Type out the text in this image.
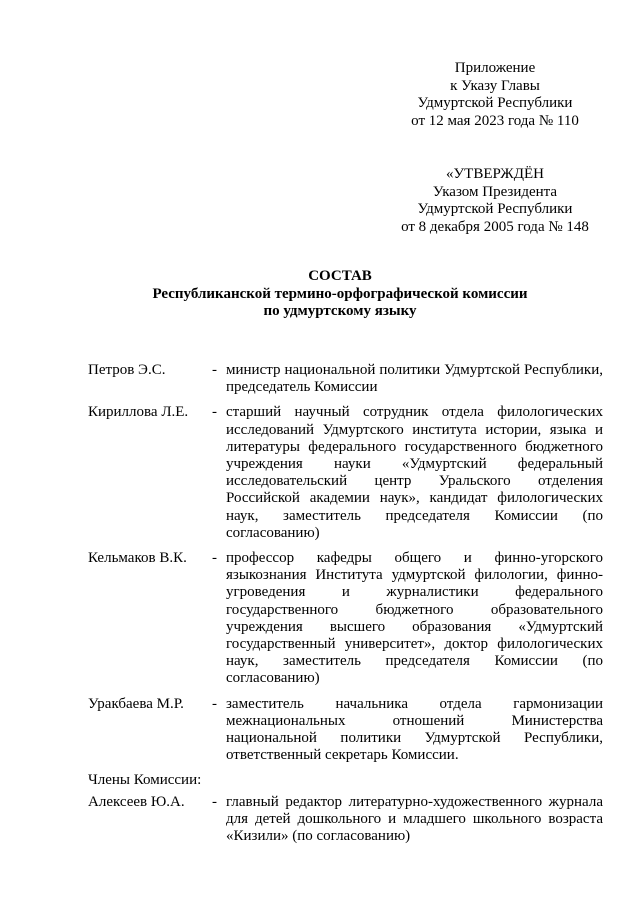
Приложение
к Указу Главы
Удмуртской Республики
от 12 мая 2023 года № 110
«УТВЕРЖДЁН
Указом Президента
Удмуртской Республики
от 8 декабря 2005 года № 148
СОСТАВ
Республиканской термино-орфографической комиссии
по удмуртскому языку
Петров Э.С.	- министр национальной политики Удмуртской Республики, председатель Комиссии
Кириллова Л.Е.	- старший научный сотрудник отдела филологических исследований Удмуртского института истории, языка и литературы федерального государственного бюджетного учреждения науки «Удмуртский федеральный исследовательский центр Уральского отделения Российской академии наук», кандидат филологических наук, заместитель председателя Комиссии (по согласованию)
Кельмаков В.К.	- профессор кафедры общего и финно-угорского языкознания Института удмуртской филологии, финно-угроведения и журналистики федерального государственного бюджетного образовательного учреждения высшего образования «Удмуртский государственный университет», доктор филологических наук, заместитель председателя Комиссии (по согласованию)
Уракбаева М.Р.	- заместитель начальника отдела гармонизации межнациональных отношений Министерства национальной политики Удмуртской Республики, ответственный секретарь Комиссии.
Члены Комиссии:
Алексеев Ю.А.	- главный редактор литературно-художественного журнала для детей дошкольного и младшего школьного возраста «Кизили» (по согласованию)
